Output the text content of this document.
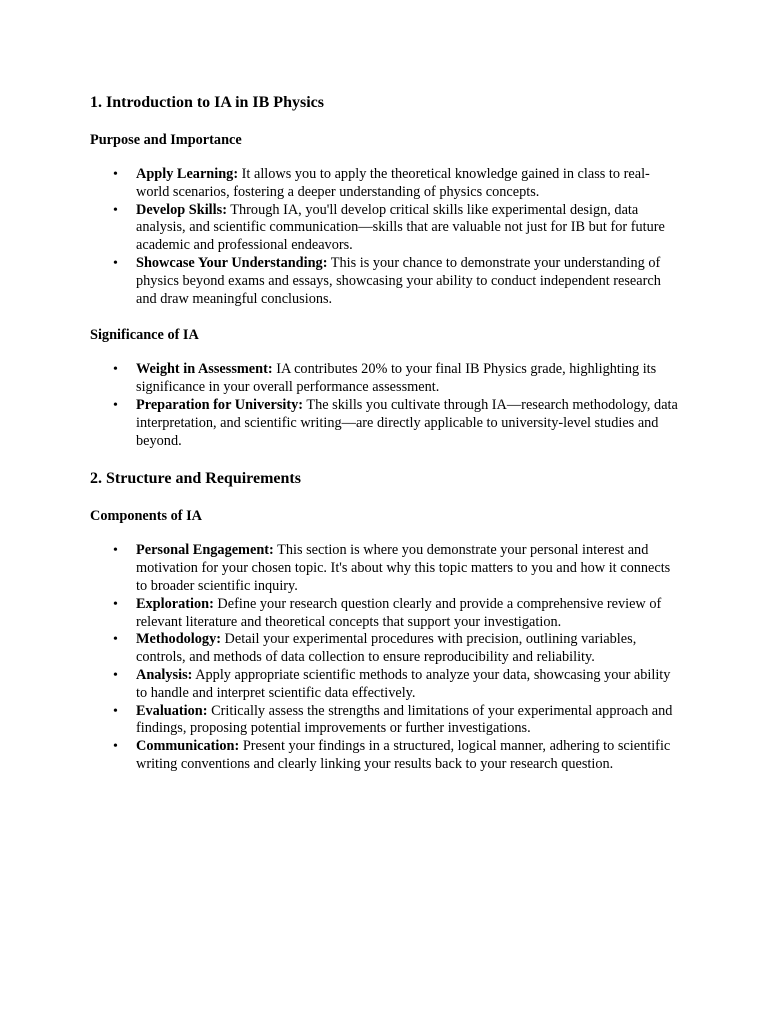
1. Introduction to IA in IB Physics
Purpose and Importance
• Apply Learning: It allows you to apply the theoretical knowledge gained in class to real-world scenarios, fostering a deeper understanding of physics concepts.
• Develop Skills: Through IA, you'll develop critical skills like experimental design, data analysis, and scientific communication—skills that are valuable not just for IB but for future academic and professional endeavors.
• Showcase Your Understanding: This is your chance to demonstrate your understanding of physics beyond exams and essays, showcasing your ability to conduct independent research and draw meaningful conclusions.
Significance of IA
• Weight in Assessment: IA contributes 20% to your final IB Physics grade, highlighting its significance in your overall performance assessment.
• Preparation for University: The skills you cultivate through IA—research methodology, data interpretation, and scientific writing—are directly applicable to university-level studies and beyond.
2. Structure and Requirements
Components of IA
• Personal Engagement: This section is where you demonstrate your personal interest and motivation for your chosen topic. It's about why this topic matters to you and how it connects to broader scientific inquiry.
• Exploration: Define your research question clearly and provide a comprehensive review of relevant literature and theoretical concepts that support your investigation.
• Methodology: Detail your experimental procedures with precision, outlining variables, controls, and methods of data collection to ensure reproducibility and reliability.
• Analysis: Apply appropriate scientific methods to analyze your data, showcasing your ability to handle and interpret scientific data effectively.
• Evaluation: Critically assess the strengths and limitations of your experimental approach and findings, proposing potential improvements or further investigations.
• Communication: Present your findings in a structured, logical manner, adhering to scientific writing conventions and clearly linking your results back to your research question.
